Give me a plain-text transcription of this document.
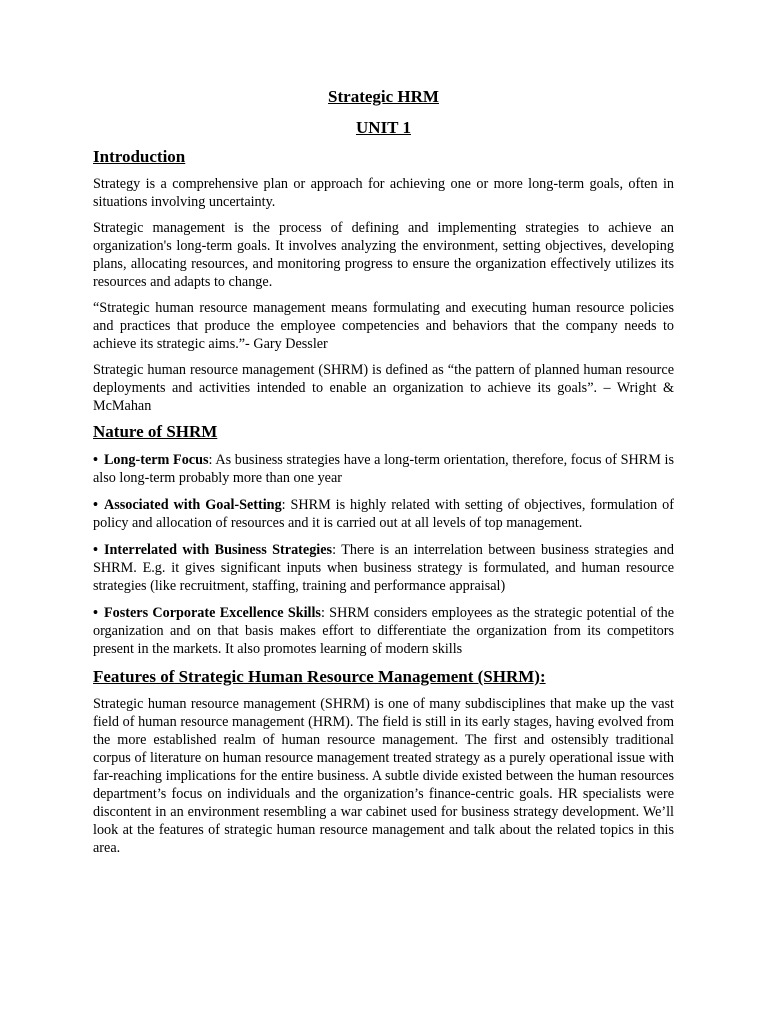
Strategic HRM
UNIT 1
Introduction

Strategy is a comprehensive plan or approach for achieving one or more long-term goals, often in situations involving uncertainty.

Strategic management is the process of defining and implementing strategies to achieve an organization's long-term goals. It involves analyzing the environment, setting objectives, developing plans, allocating resources, and monitoring progress to ensure the organization effectively utilizes its resources and adapts to change.

“Strategic human resource management means formulating and executing human resource policies and practices that produce the employee competencies and behaviors that the company needs to achieve its strategic aims.”- Gary Dessler

Strategic human resource management (SHRM) is defined as “the pattern of planned human resource deployments and activities intended to enable an organization to achieve its goals”. – Wright & McMahan

Nature of SHRM

• Long-term Focus: As business strategies have a long-term orientation, therefore, focus of SHRM is also long-term probably more than one year

• Associated with Goal-Setting: SHRM is highly related with setting of objectives, formulation of policy and allocation of resources and it is carried out at all levels of top management.

• Interrelated with Business Strategies: There is an interrelation between business strategies and SHRM. E.g. it gives significant inputs when business strategy is formulated, and human resource strategies (like recruitment, staffing, training and performance appraisal)

• Fosters Corporate Excellence Skills: SHRM considers employees as the strategic potential of the organization and on that basis makes effort to differentiate the organization from its competitors present in the markets. It also promotes learning of modern skills

Features of Strategic Human Resource Management (SHRM):

Strategic human resource management (SHRM) is one of many subdisciplines that make up the vast field of human resource management (HRM). The field is still in its early stages, having evolved from the more established realm of human resource management. The first and ostensibly traditional corpus of literature on human resource management treated strategy as a purely operational issue with far-reaching implications for the entire business. A subtle divide existed between the human resources department’s focus on individuals and the organization’s finance-centric goals. HR specialists were discontent in an environment resembling a war cabinet used for business strategy development. We’ll look at the features of strategic human resource management and talk about the related topics in this area.
